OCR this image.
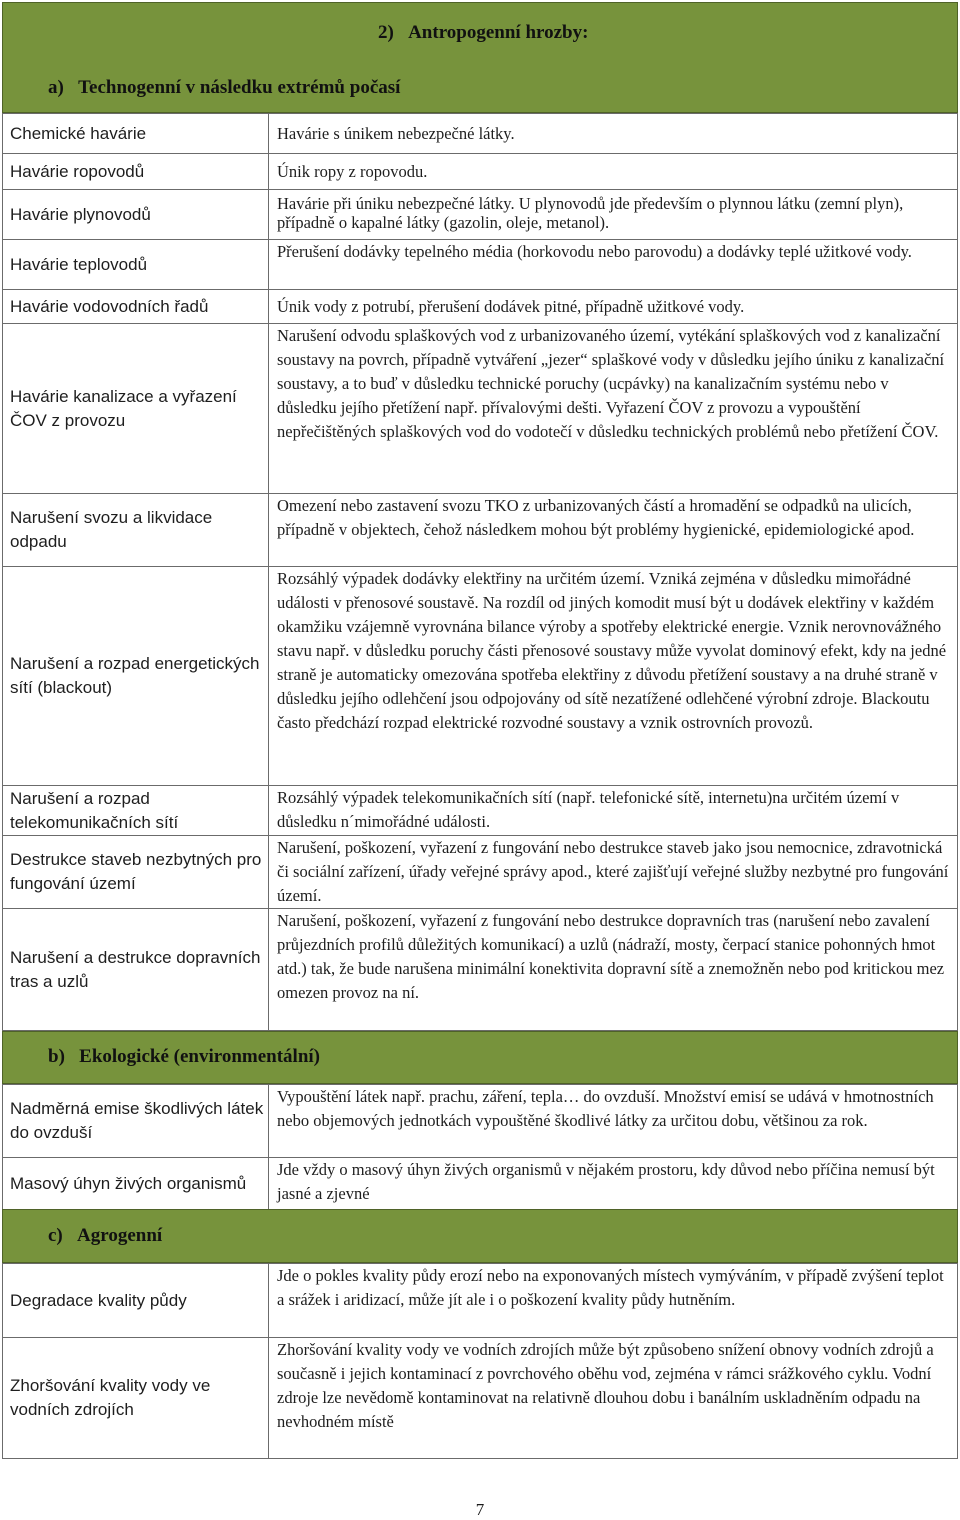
2)   Antropogenní hrozby:
a)   Technogenní v následku extrémů počasí
Chemické havárie	Havárie s únikem nebezpečné látky.
Havárie ropovodů	Únik ropy z ropovodu.
Havárie plynovodů	Havárie při úniku nebezpečné látky. U plynovodů jde především o plynnou látku (zemní plyn), případně o kapalné látky (gazolin, oleje, metanol).
Havárie teplovodů	Přerušení dodávky tepelného média (horkovodu nebo parovodu) a dodávky teplé užitkové vody.
Havárie vodovodních řadů	Únik vody z potrubí, přerušení dodávek pitné, případně užitkové vody.
Havárie kanalizace a vyřazení ČOV z provozu	Narušení odvodu splaškových vod z urbanizovaného území, vytékání splaškových vod z kanalizační soustavy na povrch, případně vytváření „jezer“ splaškové vody v důsledku jejího úniku z kanalizační soustavy, a to buď v důsledku technické poruchy (ucpávky) na kanalizačním systému nebo v důsledku jejího přetížení např. přívalovými dešti. Vyřazení ČOV z provozu a vypouštění nepřečištěných splaškových vod do vodotečí v důsledku technických problémů nebo přetížení ČOV.
Narušení svozu a likvidace odpadu	Omezení nebo zastavení svozu TKO z urbanizovaných částí a hromadění se odpadků na ulicích, případně v objektech, čehož následkem mohou být problémy hygienické, epidemiologické apod.
Narušení a rozpad energetických sítí (blackout)	Rozsáhlý výpadek dodávky elektřiny na určitém území. Vzniká zejména v důsledku mimořádné události v přenosové soustavě. Na rozdíl od jiných komodit musí být u dodávek elektřiny v každém okamžiku vzájemně vyrovnána bilance výroby a spotřeby elektrické energie. Vznik nerovnovážného stavu např. v důsledku poruchy části přenosové soustavy může vyvolat dominový efekt, kdy na jedné straně je automaticky omezována spotřeba elektřiny z důvodu přetížení soustavy a na druhé straně v důsledku jejího odlehčení jsou odpojovány od sítě nezatížené odlehčené výrobní zdroje. Blackoutu často předchází rozpad elektrické rozvodné soustavy a vznik ostrovních provozů.
Narušení a rozpad telekomunikačních sítí	Rozsáhlý výpadek telekomunikačních sítí (např. telefonické sítě, internetu)na určitém území v důsledku n´mimořádné události.
Destrukce staveb nezbytných pro fungování území	Narušení, poškození, vyřazení z fungování nebo destrukce staveb jako jsou nemocnice, zdravotnická či sociální zařízení, úřady veřejné správy apod., které zajišťují veřejné služby nezbytné pro fungování území.
Narušení a destrukce dopravních tras a uzlů	Narušení, poškození, vyřazení z fungování nebo destrukce dopravních tras (narušení nebo zavalení průjezdních profilů důležitých komunikací) a uzlů (nádraží, mosty, čerpací stanice pohonných hmot atd.) tak, že bude narušena minimální konektivita dopravní sítě a znemožněn nebo pod kritickou mez omezen provoz na ní.
b)   Ekologické (environmentální)
Nadměrná emise škodlivých látek do ovzduší	Vypouštění látek např. prachu, záření, tepla… do ovzduší. Množství emisí se udává v hmotnostních nebo objemových jednotkách vypouštěné škodlivé látky za určitou dobu, většinou za rok.
Masový úhyn živých organismů	Jde vždy o masový úhyn živých organismů v nějakém prostoru, kdy důvod nebo příčina nemusí být jasné a zjevné
c)   Agrogenní
Degradace kvality půdy	Jde o pokles kvality půdy erozí nebo na exponovaných místech vymýváním, v případě zvýšení teplot a srážek i aridizací, může jít ale i o poškození kvality půdy hutněním.
Zhoršování kvality vody ve vodních zdrojích	Zhoršování kvality vody ve vodních zdrojích může být způsobeno snížení obnovy vodních zdrojů a současně i jejich kontaminací z povrchového oběhu vod, zejména v rámci srážkového cyklu. Vodní zdroje lze nevědomě kontaminovat na relativně dlouhou dobu i banálním uskladněním odpadu na nevhodném místě
7
